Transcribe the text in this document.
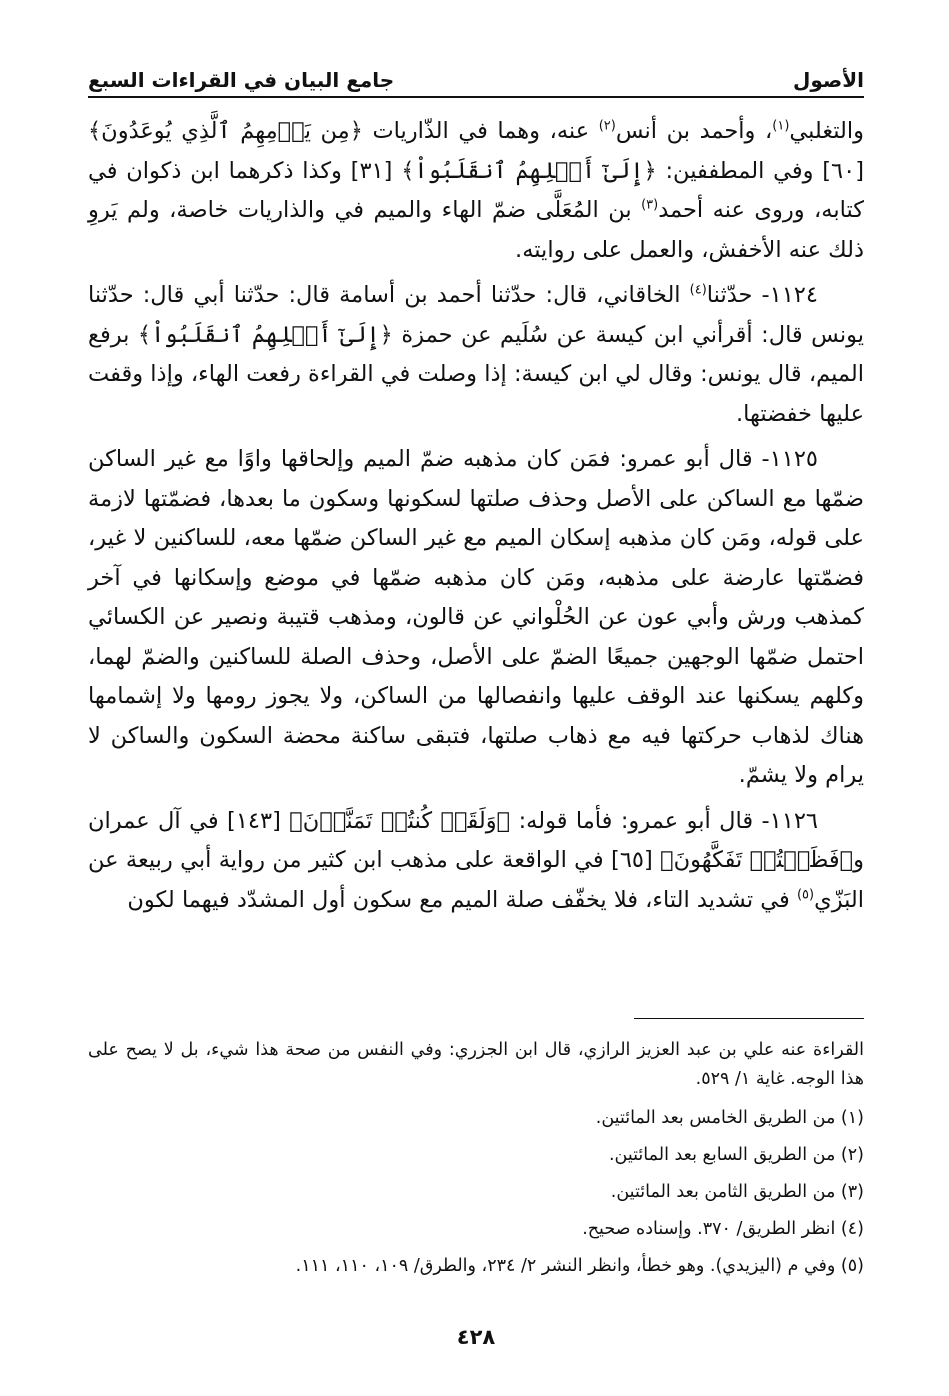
الأصول
جامع البيان في القراءات السبع

والتغلبي$^{(١)}$، وأحمد بن أنس$^{(٢)}$ عنه، وهما في الذّاريات ﴿مِن يَوۡمِهِمُ ٱلَّذِي يُوعَدُونَ﴾ [٦٠] وفي المطففين: ﴿إِلَىٰٓ أَهۡلِهِمُ ٱنقَلَبُواْ﴾ [٣١] وكذا ذكرهما ابن ذكوان في كتابه، وروى عنه أحمد$^{(٣)}$ بن المُعَلَّى ضمّ الهاء والميم في والذاريات خاصة، ولم يَروِ ذلك عنه الأخفش، والعمل على روايته.

١١٢٤- حدّثنا$^{(٤)}$ الخاقاني، قال: حدّثنا أحمد بن أسامة قال: حدّثنا أبي قال: حدّثنا يونس قال: أقرأني ابن كيسة عن سُلَيم عن حمزة ﴿إِلَىٰٓ أَهۡلِهِمُ ٱنقَلَبُواْ﴾ برفع الميم، قال يونس: وقال لي ابن كيسة: إذا وصلت في القراءة رفعت الهاء، وإذا وقفت عليها خفضتها.

١١٢٥- قال أبو عمرو: فمَن كان مذهبه ضمّ الميم وإلحاقها واوًا مع غير الساكن ضمّها مع الساكن على الأصل وحذف صلتها لسكونها وسكون ما بعدها، فضمّتها لازمة على قوله، ومَن كان مذهبه إسكان الميم مع غير الساكن ضمّها معه، للساكنين لا غير، فضمّتها عارضة على مذهبه، ومَن كان مذهبه ضمّها في موضع وإسكانها في آخر كمذهب ورش وأبي عون عن الحُلْواني عن قالون، ومذهب قتيبة ونصير عن الكسائي احتمل ضمّها الوجهين جميعًا الضمّ على الأصل، وحذف الصلة للساكنين والضمّ لهما، وكلهم يسكنها عند الوقف عليها وانفصالها من الساكن، ولا يجوز رومها ولا إشمامها هناك لذهاب حركتها فيه مع ذهاب صلتها، فتبقى ساكنة محضة السكون والساكن لا يرام ولا يشمّ.

١١٢٦- قال أبو عمرو: فأما قوله: ﴿وَلَقَدۡ كُنتُمۡ تَمَنَّوۡنَ﴾ [١٤٣] في آل عمران و﴿فَظَلۡتُمۡ تَفَكَّهُونَ﴾ [٦٥] في الواقعة على مذهب ابن كثير من رواية أبي ربيعة عن البَزّي$^{(٥)}$ في تشديد التاء، فلا يخفّف صلة الميم مع سكون أول المشدّد فيهما لكون

القراءة عنه علي بن عبد العزيز الرازي، قال ابن الجزري: وفي النفس من صحة هذا شيء، بل لا يصح على هذا الوجه. غاية ١/ ٥٢٩.

(١) من الطريق الخامس بعد المائتين.

(٢) من الطريق السابع بعد المائتين.

(٣) من الطريق الثامن بعد المائتين.

(٤) انظر الطريق/ ٣٧٠. وإسناده صحيح.

(٥) وفي م (اليزيدي). وهو خطأ، وانظر النشر ٢/ ٢٣٤، والطرق/ ١٠٩، ١١٠، ١١١.

٤٢٨
